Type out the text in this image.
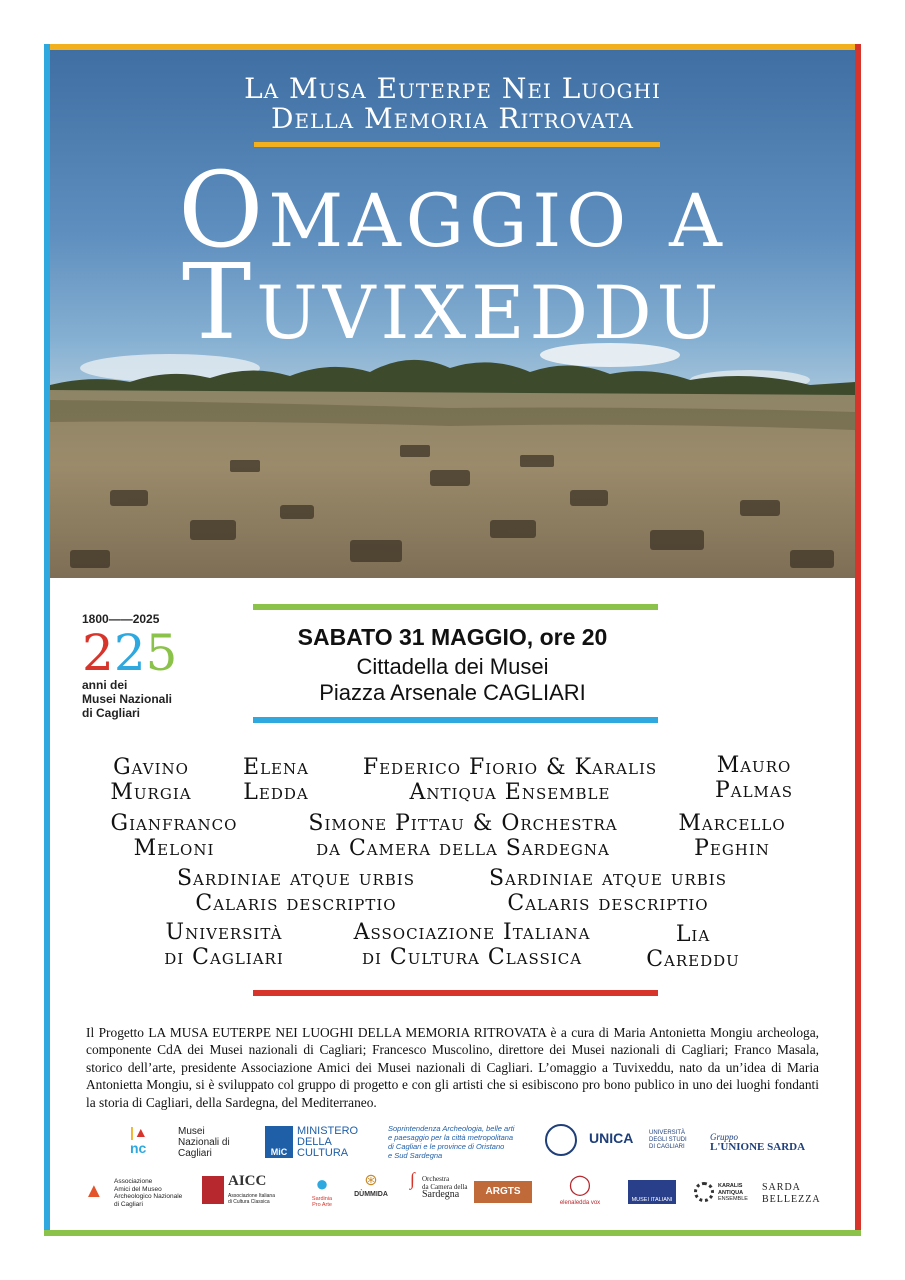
La Musa Euterpe Nei Luoghi
Della Memoria Ritrovata
Omaggio a
Tuvixeddu
1800——2025
225
anni dei
Musei Nazionali
di Cagliari
SABATO 31 MAGGIO, ore 20
Cittadella dei Musei
Piazza Arsenale CAGLIARI
Gavino
Murgia
Elena
Ledda
Federico Fiorio & Karalis
Antiqua Ensemble
Mauro
Palmas
Gianfranco
Meloni
Simone Pittau & Orchestra
da Camera della Sardegna
Marcello
Peghin
Sardiniae atque urbis
Calaris descriptio
Sardiniae atque urbis
Calaris descriptio
Università
di Cagliari
Associazione Italiana
di Cultura Classica
Lia
Careddu
Il Progetto LA MUSA EUTERPE NEI LUOGHI DELLA MEMORIA RITROVATA è a cura di Maria Antonietta Mongiu archeologa, componente CdA dei Musei nazionali di Cagliari; Francesco Muscolino, direttore dei Musei nazionali di Cagliari; Franco Masala, storico dell’arte, presidente Associazione Amici dei Musei nazionali di Cagliari. L’omaggio a Tuvixeddu, nato da un’idea di Maria Antonietta Mongiu, si è sviluppato col gruppo di progetto e con gli artisti che si esibiscono pro bono publico in uno dei luoghi fondanti la storia di Cagliari, della Sardegna, del Mediterraneo.
|▲
nc
Musei
Nazionali di
Cagliari	MiC
MINISTERO
DELLA
CULTURA
Soprintendenza Archeologia, belle arti
e paesaggio per la città metropolitana
di Cagliari e le province di Oristano
e Sud Sardegna
UNICA	UNIVERSITÀ
DEGLI STUDI
DI CAGLIARI
Gruppo
L'UNIONE SARDA
▲	Associazione
Amici del Museo
Archeologico Nazionale
di Cagliari
AICC
Associazione Italiana
di Cultura Classica
●
Sardinia
Pro Arte
⊛
DÙMMIDA
∫	Orchestra
da Camera della
Sardegna	ARGTS	◯
elenaledda vox	MUSEI ITALIANI
KARALIS
ANTIQUA
ENSEMBLE
SARDA
BELLEZZA
